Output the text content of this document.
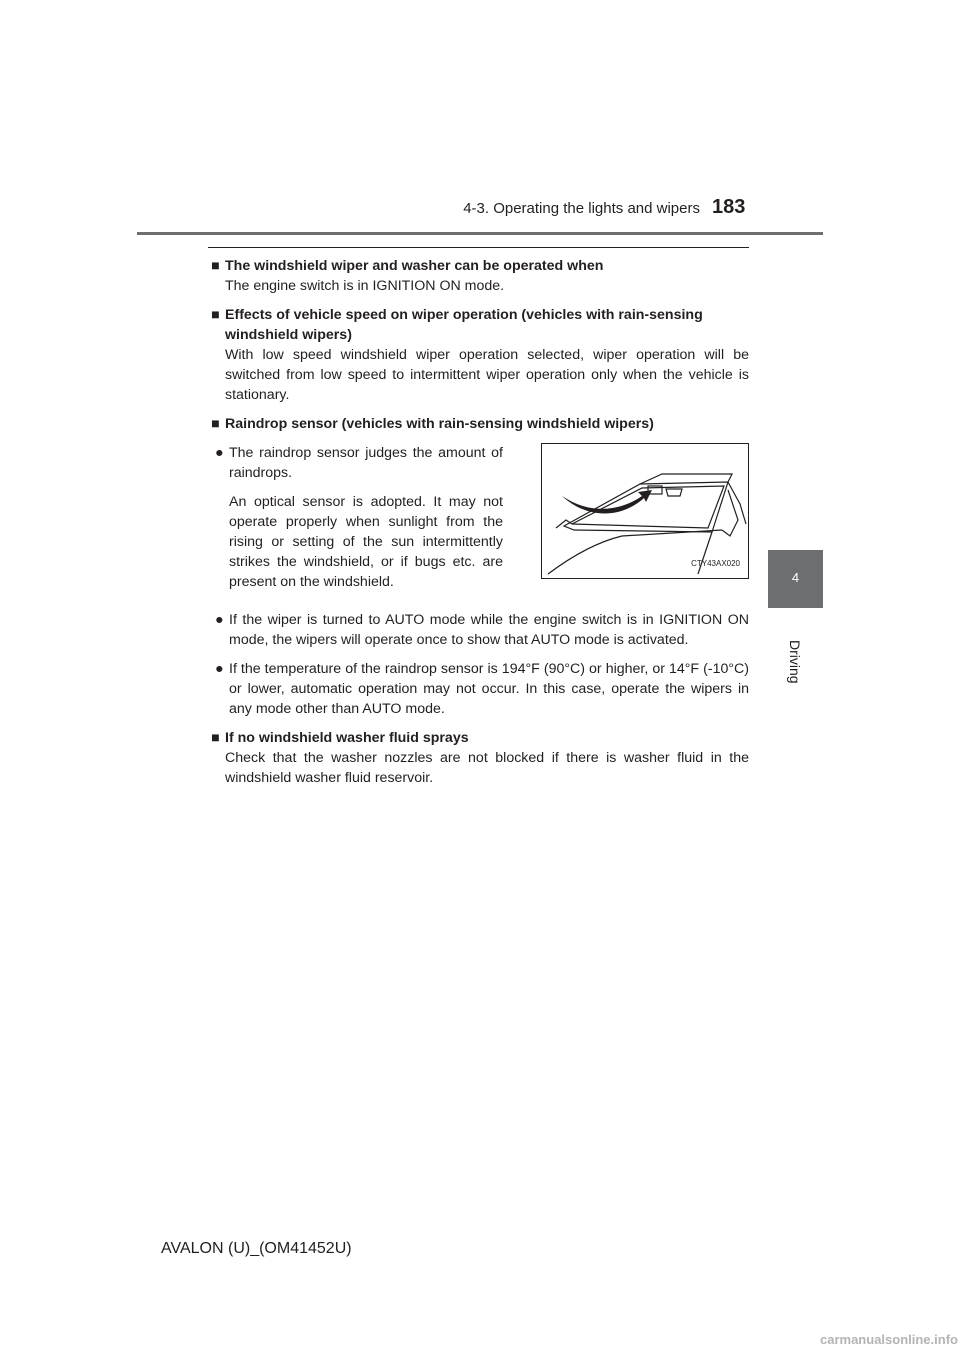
4-3. Operating the lights and wipers 183
4
Driving
■ The windshield wiper and washer can be operated when

The engine switch is in IGNITION ON mode.

■ Effects of vehicle speed on wiper operation (vehicles with rain-sensing windshield wipers)

With low speed windshield wiper operation selected, wiper operation will be switched from low speed to intermittent wiper operation only when the vehicle is stationary.

■ Raindrop sensor (vehicles with rain-sensing windshield wipers)
● The raindrop sensor judges the amount of raindrops.

An optical sensor is adopted. It may not operate properly when sunlight from the rising or setting of the sun intermittently strikes the windshield, or if bugs etc. are present on the windshield.

CTY43AX020
● If the wiper is turned to AUTO mode while the engine switch is in IGNITION ON mode, the wipers will operate once to show that AUTO mode is activated.

● If the temperature of the raindrop sensor is 194°F (90°C) or higher, or 14°F (-10°C) or lower, automatic operation may not occur. In this case, operate the wipers in any mode other than AUTO mode.

■ If no windshield washer fluid sprays

Check that the washer nozzles are not blocked if there is washer fluid in the windshield washer fluid reservoir.

AVALON (U)_(OM41452U)
carmanualsonline.info
